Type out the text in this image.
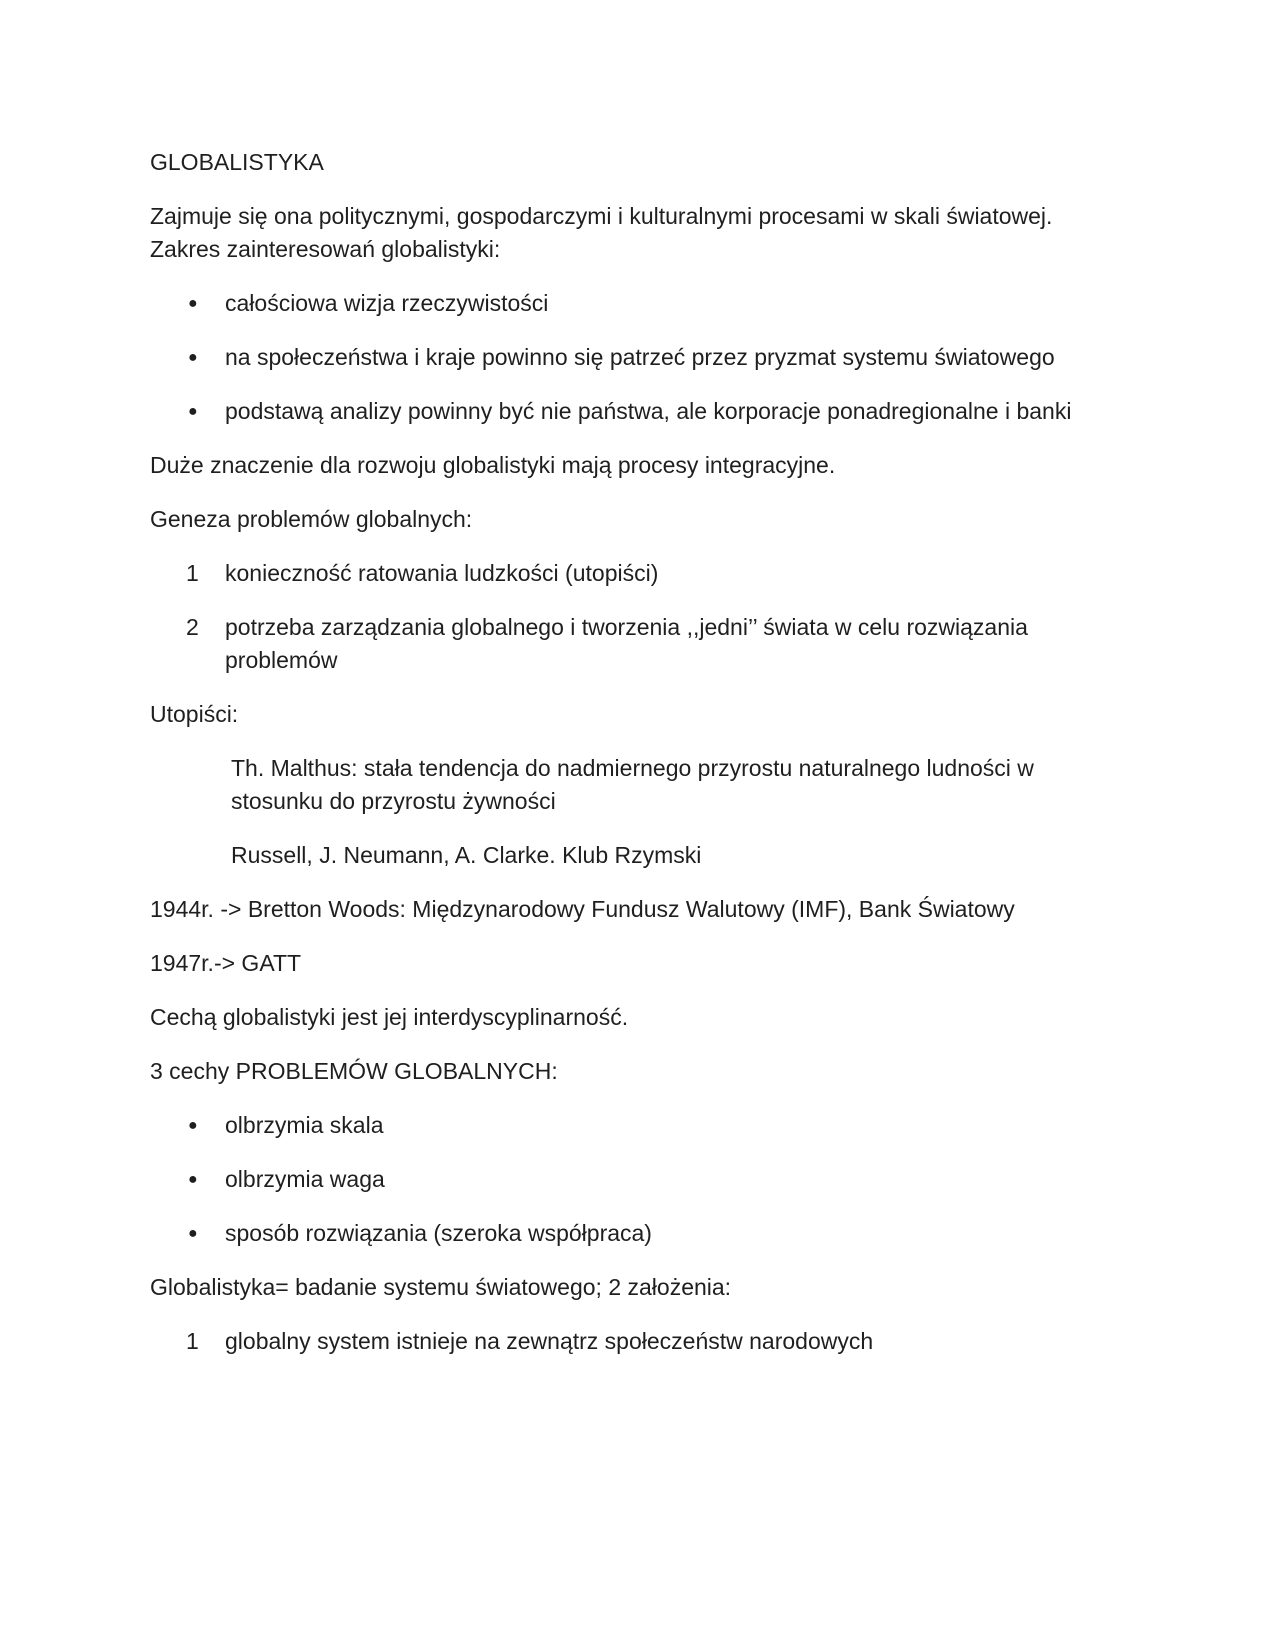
GLOBALISTYKA

Zajmuje się ona politycznymi, gospodarczymi i kulturalnymi procesami w skali światowej. Zakres zainteresowań globalistyki:

●	całościowa wizja rzeczywistości
●	na społeczeństwa i kraje powinno się patrzeć przez pryzmat systemu światowego
●	podstawą analizy powinny być nie państwa, ale korporacje ponadregionalne i banki

Duże znaczenie dla rozwoju globalistyki mają procesy integracyjne.

Geneza problemów globalnych:

1	konieczność ratowania ludzkości (utopiści)
2	potrzeba zarządzania globalnego i tworzenia ,,jedni’’ świata w celu rozwiązania problemów

Utopiści:

Th. Malthus: stała tendencja do nadmiernego przyrostu naturalnego ludności w stosunku do przyrostu żywności

Russell, J. Neumann, A. Clarke. Klub Rzymski

1944r. -> Bretton Woods: Międzynarodowy Fundusz Walutowy (IMF), Bank Światowy

1947r.-> GATT

Cechą globalistyki jest jej interdyscyplinarność.

3 cechy PROBLEMÓW GLOBALNYCH:

●	olbrzymia skala
●	olbrzymia waga
●	sposób rozwiązania (szeroka współpraca)

Globalistyka= badanie systemu światowego; 2 założenia:

1	globalny system istnieje na zewnątrz społeczeństw narodowych
